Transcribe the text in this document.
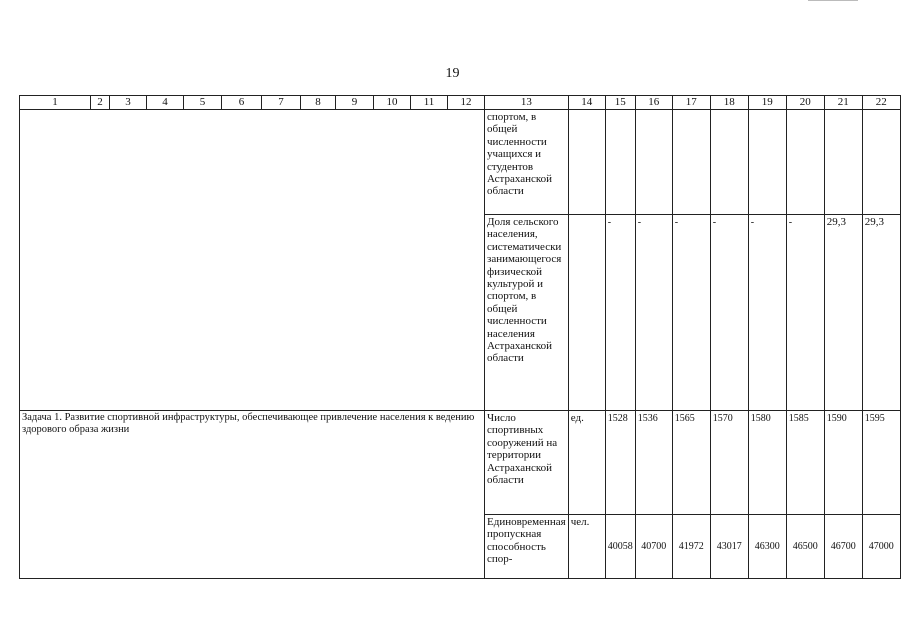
19
1	2	3	4	5	6	7	8	9	10	11	12	13	14	15	16	17	18	19	20	21	22
												спортом, в общей численности учащихся и студентов Астраханской области									
												Доля сельского населения, систематически занимающегося физической культурой и спортом, в общей численности населения Астраханской области		-	-	-	-	-	-	29,3	29,3
Задача 1. Развитие спортивной инфраструктуры, обеспечивающее привлечение населения к ведению здорового образа жизни												Число спортивных сооружений на территории Астраханской области	ед.	1528	1536	1565	1570	1580	1585	1590	1595
												Единовременная пропускная способность спор-	чел.	40058	40700	41972	43017	46300	46500	46700	47000
